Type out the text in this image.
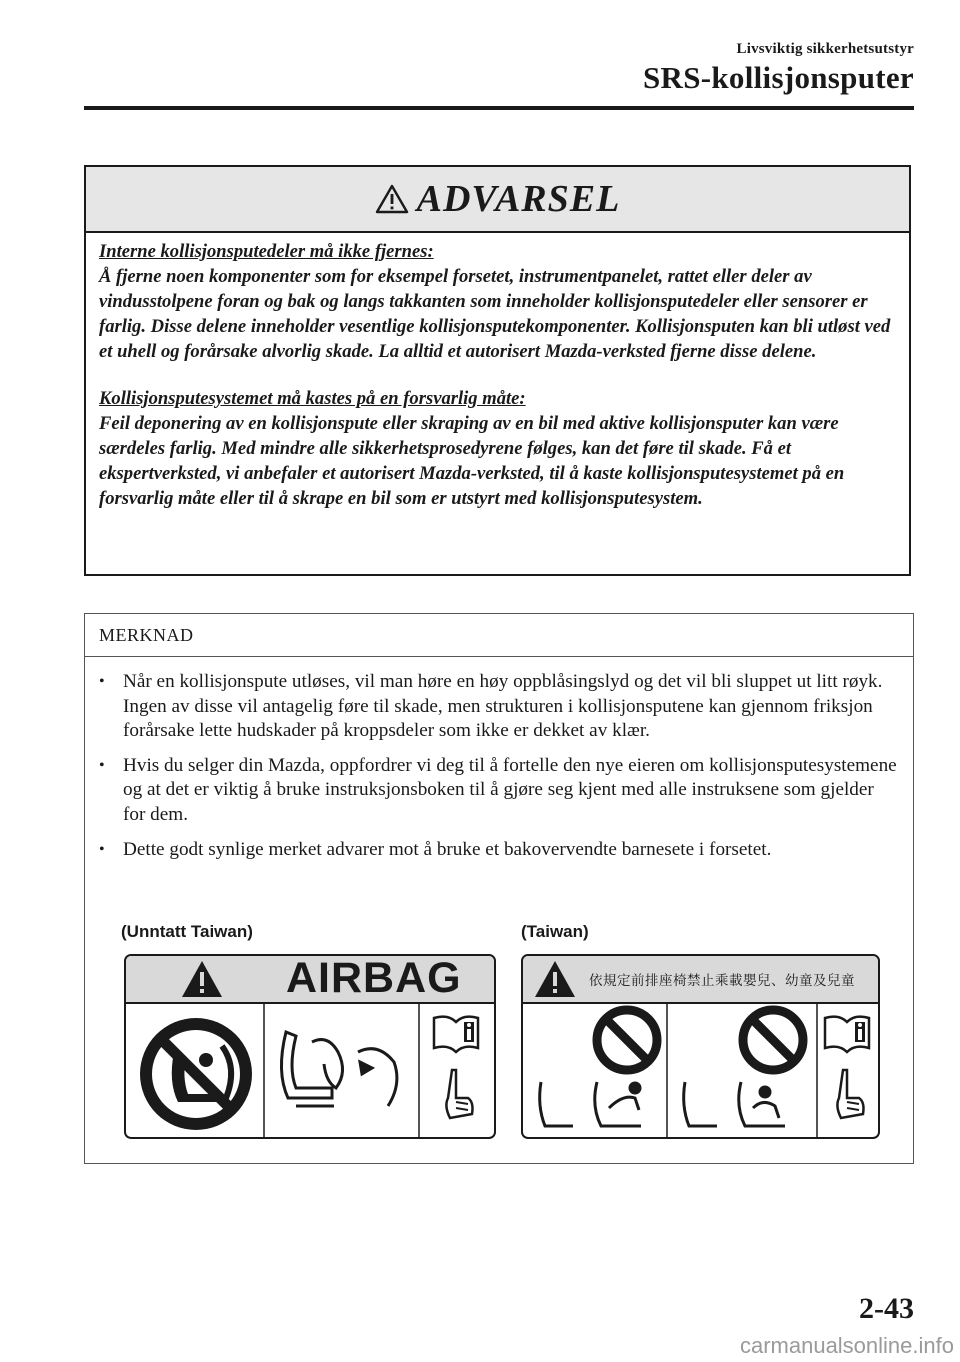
Livsviktig sikkerhetsutstyr
SRS-kollisjonsputer
ADVARSEL
Interne kollisjonsputedeler må ikke fjernes:

Å fjerne noen komponenter som for eksempel forsetet, instrumentpanelet, rattet eller deler av vindusstolpene foran og bak og langs takkanten som inneholder kollisjonsputedeler eller sensorer er farlig. Disse delene inneholder vesentlige kollisjonsputekomponenter. Kollisjonsputen kan bli utløst ved et uhell og forårsake alvorlig skade. La alltid et autorisert Mazda-verksted fjerne disse delene.

Kollisjonsputesystemet må kastes på en forsvarlig måte:

Feil deponering av en kollisjonspute eller skraping av en bil med aktive kollisjonsputer kan være særdeles farlig. Med mindre alle sikkerhetsprosedyrene følges, kan det føre til skade. Få et ekspertverksted, vi anbefaler et autorisert Mazda-verksted, til å kaste kollisjonsputesystemet på en forsvarlig måte eller til å skrape en bil som er utstyrt med kollisjonsputesystem.

MERKNAD
• Når en kollisjonspute utløses, vil man høre en høy oppblåsingslyd og det vil bli sluppet ut litt røyk. Ingen av disse vil antagelig føre til skade, men strukturen i kollisjonsputene kan gjennom friksjon forårsake lette hudskader på kroppsdeler som ikke er dekket av klær.
• Hvis du selger din Mazda, oppfordrer vi deg til å fortelle den nye eieren om kollisjonsputesystemene og at det er viktig å bruke instruksjonsboken til å gjøre seg kjent med alle instruksene som gjelder for dem.
• Dette godt synlige merket advarer mot å bruke et bakovervendte barnesete i forsetet.
(Unntatt Taiwan)	(Taiwan)
AIRBAG	依規定前排座椅禁止乘載嬰兒、幼童及兒童
2-43
carmanualsonline.info
